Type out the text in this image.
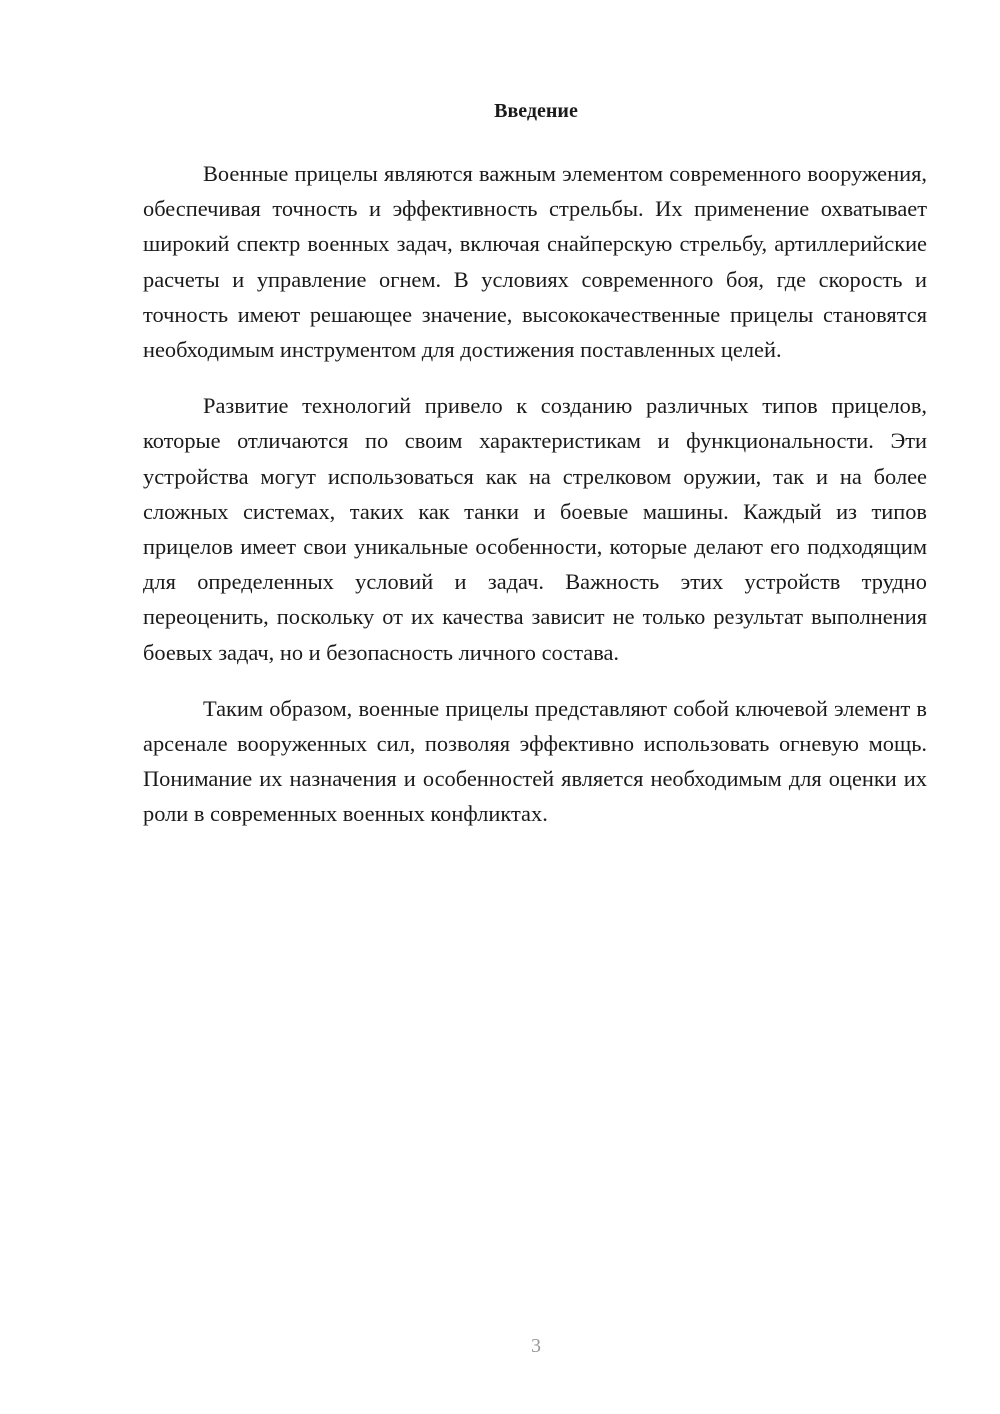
Введение

Военные прицелы являются важным элементом современного вооружения, обеспечивая точность и эффективность стрельбы. Их применение охватывает широкий спектр военных задач, включая снайперскую стрельбу, артиллерийские расчеты и управление огнем. В условиях современного боя, где скорость и точность имеют решающее значение, высококачественные прицелы становятся необходимым инструментом для достижения поставленных целей.

Развитие технологий привело к созданию различных типов прицелов, которые отличаются по своим характеристикам и функциональности. Эти устройства могут использоваться как на стрелковом оружии, так и на более сложных системах, таких как танки и боевые машины. Каждый из типов прицелов имеет свои уникальные особенности, которые делают его подходящим для определенных условий и задач. Важность этих устройств трудно переоценить, поскольку от их качества зависит не только результат выполнения боевых задач, но и безопасность личного состава.

Таким образом, военные прицелы представляют собой ключевой элемент в арсенале вооруженных сил, позволяя эффективно использовать огневую мощь. Понимание их назначения и особенностей является необходимым для оценки их роли в современных военных конфликтах.

3
